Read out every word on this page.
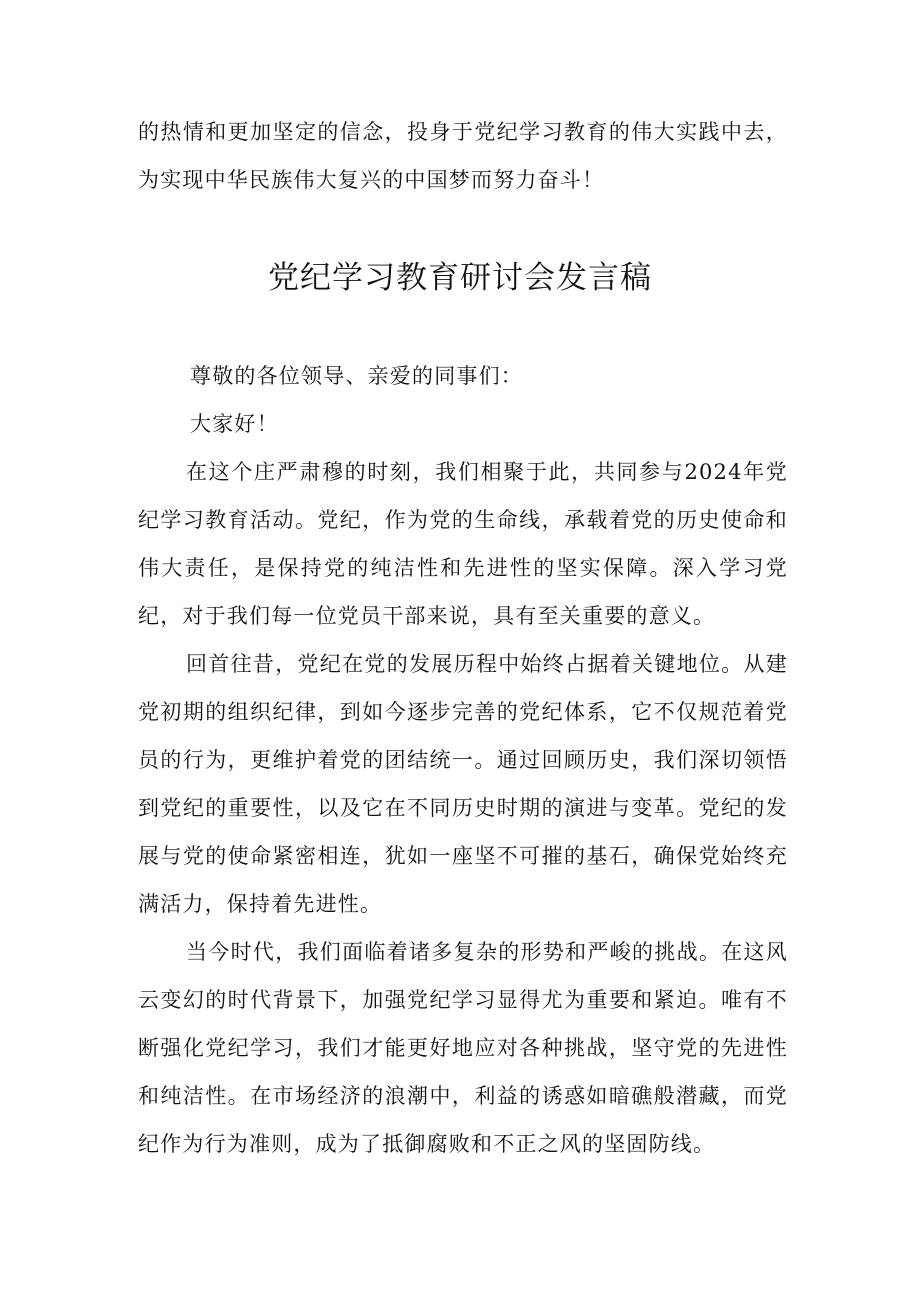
的热情和更加坚定的信念，投身于党纪学习教育的伟大实践中去，为实现中华民族伟大复兴的中国梦而努力奋斗！

党纪学习教育研讨会发言稿

尊敬的各位领导、亲爱的同事们：

大家好！

在这个庄严肃穆的时刻，我们相聚于此，共同参与2024年党纪学习教育活动。党纪，作为党的生命线，承载着党的历史使命和伟大责任，是保持党的纯洁性和先进性的坚实保障。深入学习党纪，对于我们每一位党员干部来说，具有至关重要的意义。

回首往昔，党纪在党的发展历程中始终占据着关键地位。从建党初期的组织纪律，到如今逐步完善的党纪体系，它不仅规范着党员的行为，更维护着党的团结统一。通过回顾历史，我们深切领悟到党纪的重要性，以及它在不同历史时期的演进与变革。党纪的发展与党的使命紧密相连，犹如一座坚不可摧的基石，确保党始终充满活力，保持着先进性。

当今时代，我们面临着诸多复杂的形势和严峻的挑战。在这风云变幻的时代背景下，加强党纪学习显得尤为重要和紧迫。唯有不断强化党纪学习，我们才能更好地应对各种挑战，坚守党的先进性和纯洁性。在市场经济的浪潮中，利益的诱惑如暗礁般潜藏，而党纪作为行为准则，成为了抵御腐败和不正之风的坚固防线。
